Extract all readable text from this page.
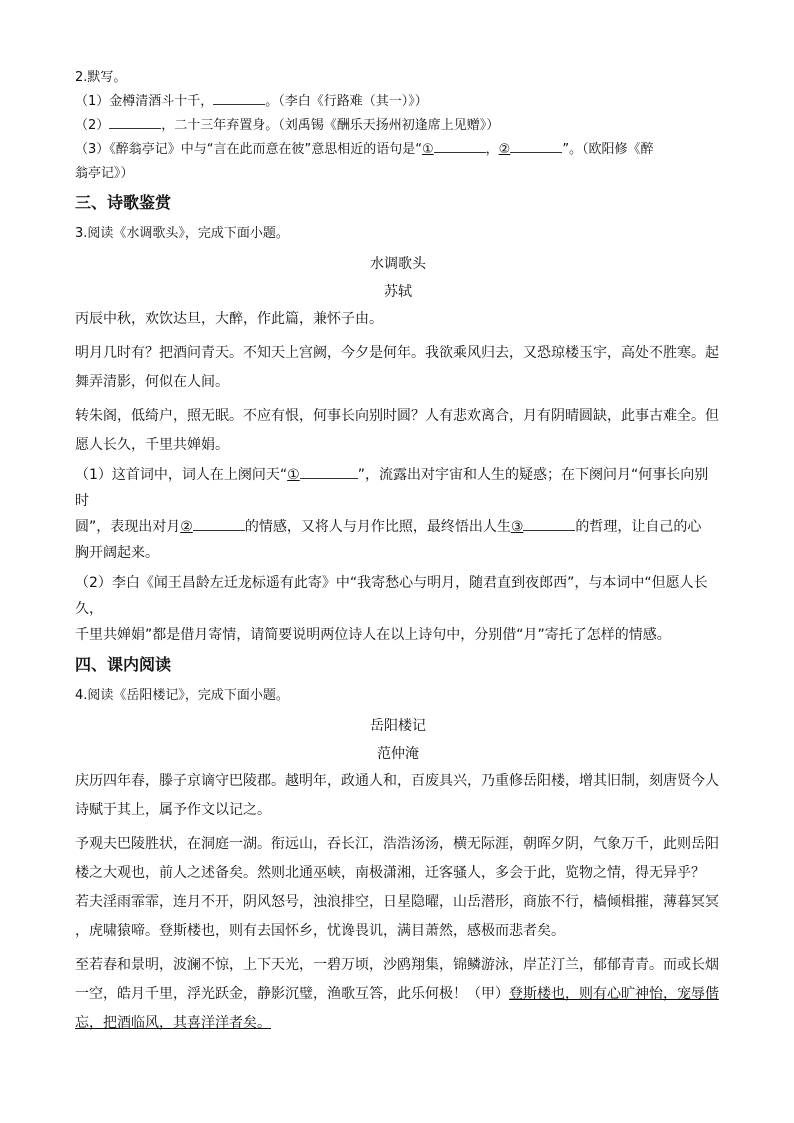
2.默写。
（1）金樽清酒斗十千，	。（李白《行路难（其一）》）
（2）	，二十三年弃置身。（刘禹锡《酬乐天扬州初逢席上见赠》）
（3）《醉翁亭记》中与“言在此而意在彼”意思相近的语句是“①	，②	”。（欧阳修《醉
翁亭记》）
三、诗歌鉴赏
3.阅读《水调歌头》，完成下面小题。
水调歌头
苏轼
丙辰中秋，欢饮达旦，大醉，作此篇，兼怀子由。
明月几时有？把酒问青天。不知天上宫阙，今夕是何年。我欲乘风归去，又恐琼楼玉宇，高处不胜寒。起
舞弄清影，何似在人间。
转朱阁，低绮户，照无眠。不应有恨，何事长向别时圆？人有悲欢离合，月有阴晴圆缺，此事古难全。但
愿人长久，千里共婵娟。
（1）这首词中，词人在上阕问天“①	”，流露出对宇宙和人生的疑惑；在下阕问月“何事长向别时
圆”，表现出对月②	的情感，又将人与月作比照，最终悟出人生③	的哲理，让自己的心
胸开阔起来。
（2）李白《闻王昌龄左迁龙标遥有此寄》中“我寄愁心与明月，随君直到夜郎西”，与本词中“但愿人长久，
千里共婵娟”都是借月寄情，请简要说明两位诗人在以上诗句中，分别借“月”寄托了怎样的情感。
四、课内阅读
4.阅读《岳阳楼记》，完成下面小题。
岳阳楼记
范仲淹
庆历四年春，滕子京谪守巴陵郡。越明年，政通人和，百废具兴，乃重修岳阳楼，增其旧制，刻唐贤今人
诗赋于其上，属予作文以记之。
予观夫巴陵胜状，在洞庭一湖。衔远山，吞长江，浩浩汤汤，横无际涯，朝晖夕阴，气象万千，此则岳阳
楼之大观也，前人之述备矣。然则北通巫峡，南极潇湘，迁客骚人，多会于此，览物之情，得无异乎？
若夫淫雨霏霏，连月不开，阴风怒号，浊浪排空，日星隐曜，山岳潜形，商旅不行，樯倾楫摧，薄暮冥冥
，虎啸猿啼。登斯楼也，则有去国怀乡，忧谗畏讥，满目萧然，感极而悲者矣。
至若春和景明，波澜不惊，上下天光，一碧万顷，沙鸥翔集，锦鳞游泳，岸芷汀兰，郁郁青青。而或长烟
一空，皓月千里，浮光跃金，静影沉璧，渔歌互答，此乐何极！（甲）登斯楼也，则有心旷神怡，宠辱偕
忘，把酒临风，其喜洋洋者矣。
